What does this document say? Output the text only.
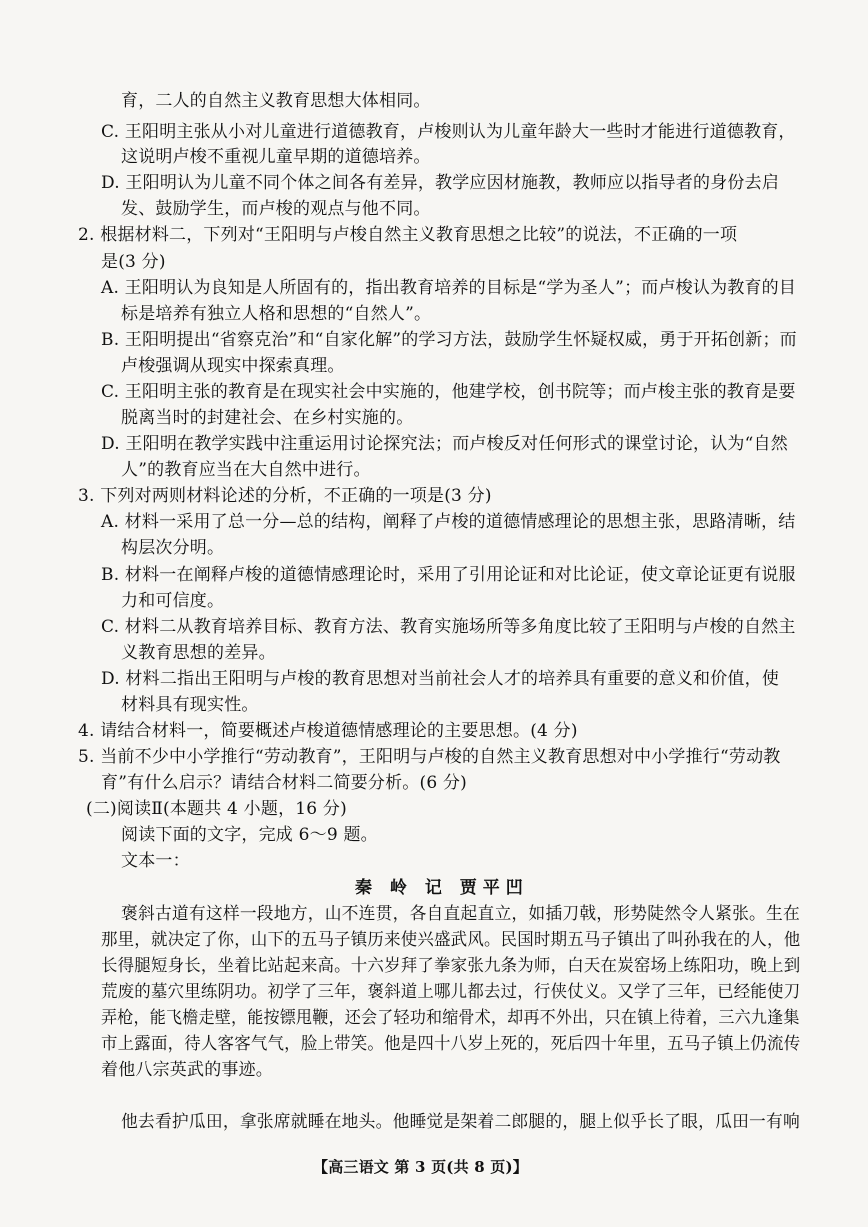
育，二人的自然主义教育思想大体相同。
C. 王阳明主张从小对儿童进行道德教育，卢梭则认为儿童年龄大一些时才能进行道德教育，
这说明卢梭不重视儿童早期的道德培养。
D. 王阳明认为儿童不同个体之间各有差异，教学应因材施教，教师应以指导者的身份去启
发、鼓励学生，而卢梭的观点与他不同。
2. 根据材料二，下列对“王阳明与卢梭自然主义教育思想之比较”的说法，不正确的一项
是(3 分)
A. 王阳明认为良知是人所固有的，指出教育培养的目标是“学为圣人”；而卢梭认为教育的目
标是培养有独立人格和思想的“自然人”。
B. 王阳明提出“省察克治”和“自家化解”的学习方法，鼓励学生怀疑权威，勇于开拓创新；而
卢梭强调从现实中探索真理。
C. 王阳明主张的教育是在现实社会中实施的，他建学校，创书院等；而卢梭主张的教育是要
脱离当时的封建社会、在乡村实施的。
D. 王阳明在教学实践中注重运用讨论探究法；而卢梭反对任何形式的课堂讨论，认为“自然
人”的教育应当在大自然中进行。
3. 下列对两则材料论述的分析，不正确的一项是(3 分)
A. 材料一采用了总一分—总的结构，阐释了卢梭的道德情感理论的思想主张，思路清晰，结
构层次分明。
B. 材料一在阐释卢梭的道德情感理论时，采用了引用论证和对比论证，使文章论证更有说服
力和可信度。
C. 材料二从教育培养目标、教育方法、教育实施场所等多角度比较了王阳明与卢梭的自然主
义教育思想的差异。
D. 材料二指出王阳明与卢梭的教育思想对当前社会人才的培养具有重要的意义和价值，使
材料具有现实性。
4. 请结合材料一，简要概述卢梭道德情感理论的主要思想。(4 分)
5. 当前不少中小学推行“劳动教育”，王阳明与卢梭的自然主义教育思想对中小学推行“劳动教
育”有什么启示？请结合材料二简要分析。(6 分)
(二)阅读Ⅱ(本题共 4 小题，16 分)
阅读下面的文字，完成 6～9 题。
文本一：
秦 岭 记 贾平凹
褒斜古道有这样一段地方，山不连贯，各自直起直立，如插刀戟，形势陡然令人紧张。生在
那里，就决定了你，山下的五马子镇历来使兴盛武风。民国时期五马子镇出了叫孙我在的人，他
长得腿短身长，坐着比站起来高。十六岁拜了拳家张九条为师，白天在炭窑场上练阳功，晚上到
荒废的墓穴里练阴功。初学了三年，褒斜道上哪儿都去过，行侠仗义。又学了三年，已经能使刀
弄枪，能飞檐走壁，能按镖甩鞭，还会了轻功和缩骨术，却再不外出，只在镇上待着，三六九逢集
市上露面，待人客客气气，脸上带笑。他是四十八岁上死的，死后四十年里，五马子镇上仍流传
着他八宗英武的事迹。
他去看护瓜田，拿张席就睡在地头。他睡觉是架着二郎腿的，腿上似乎长了眼，瓜田一有响
【高三语文 第 3 页(共 8 页)】
